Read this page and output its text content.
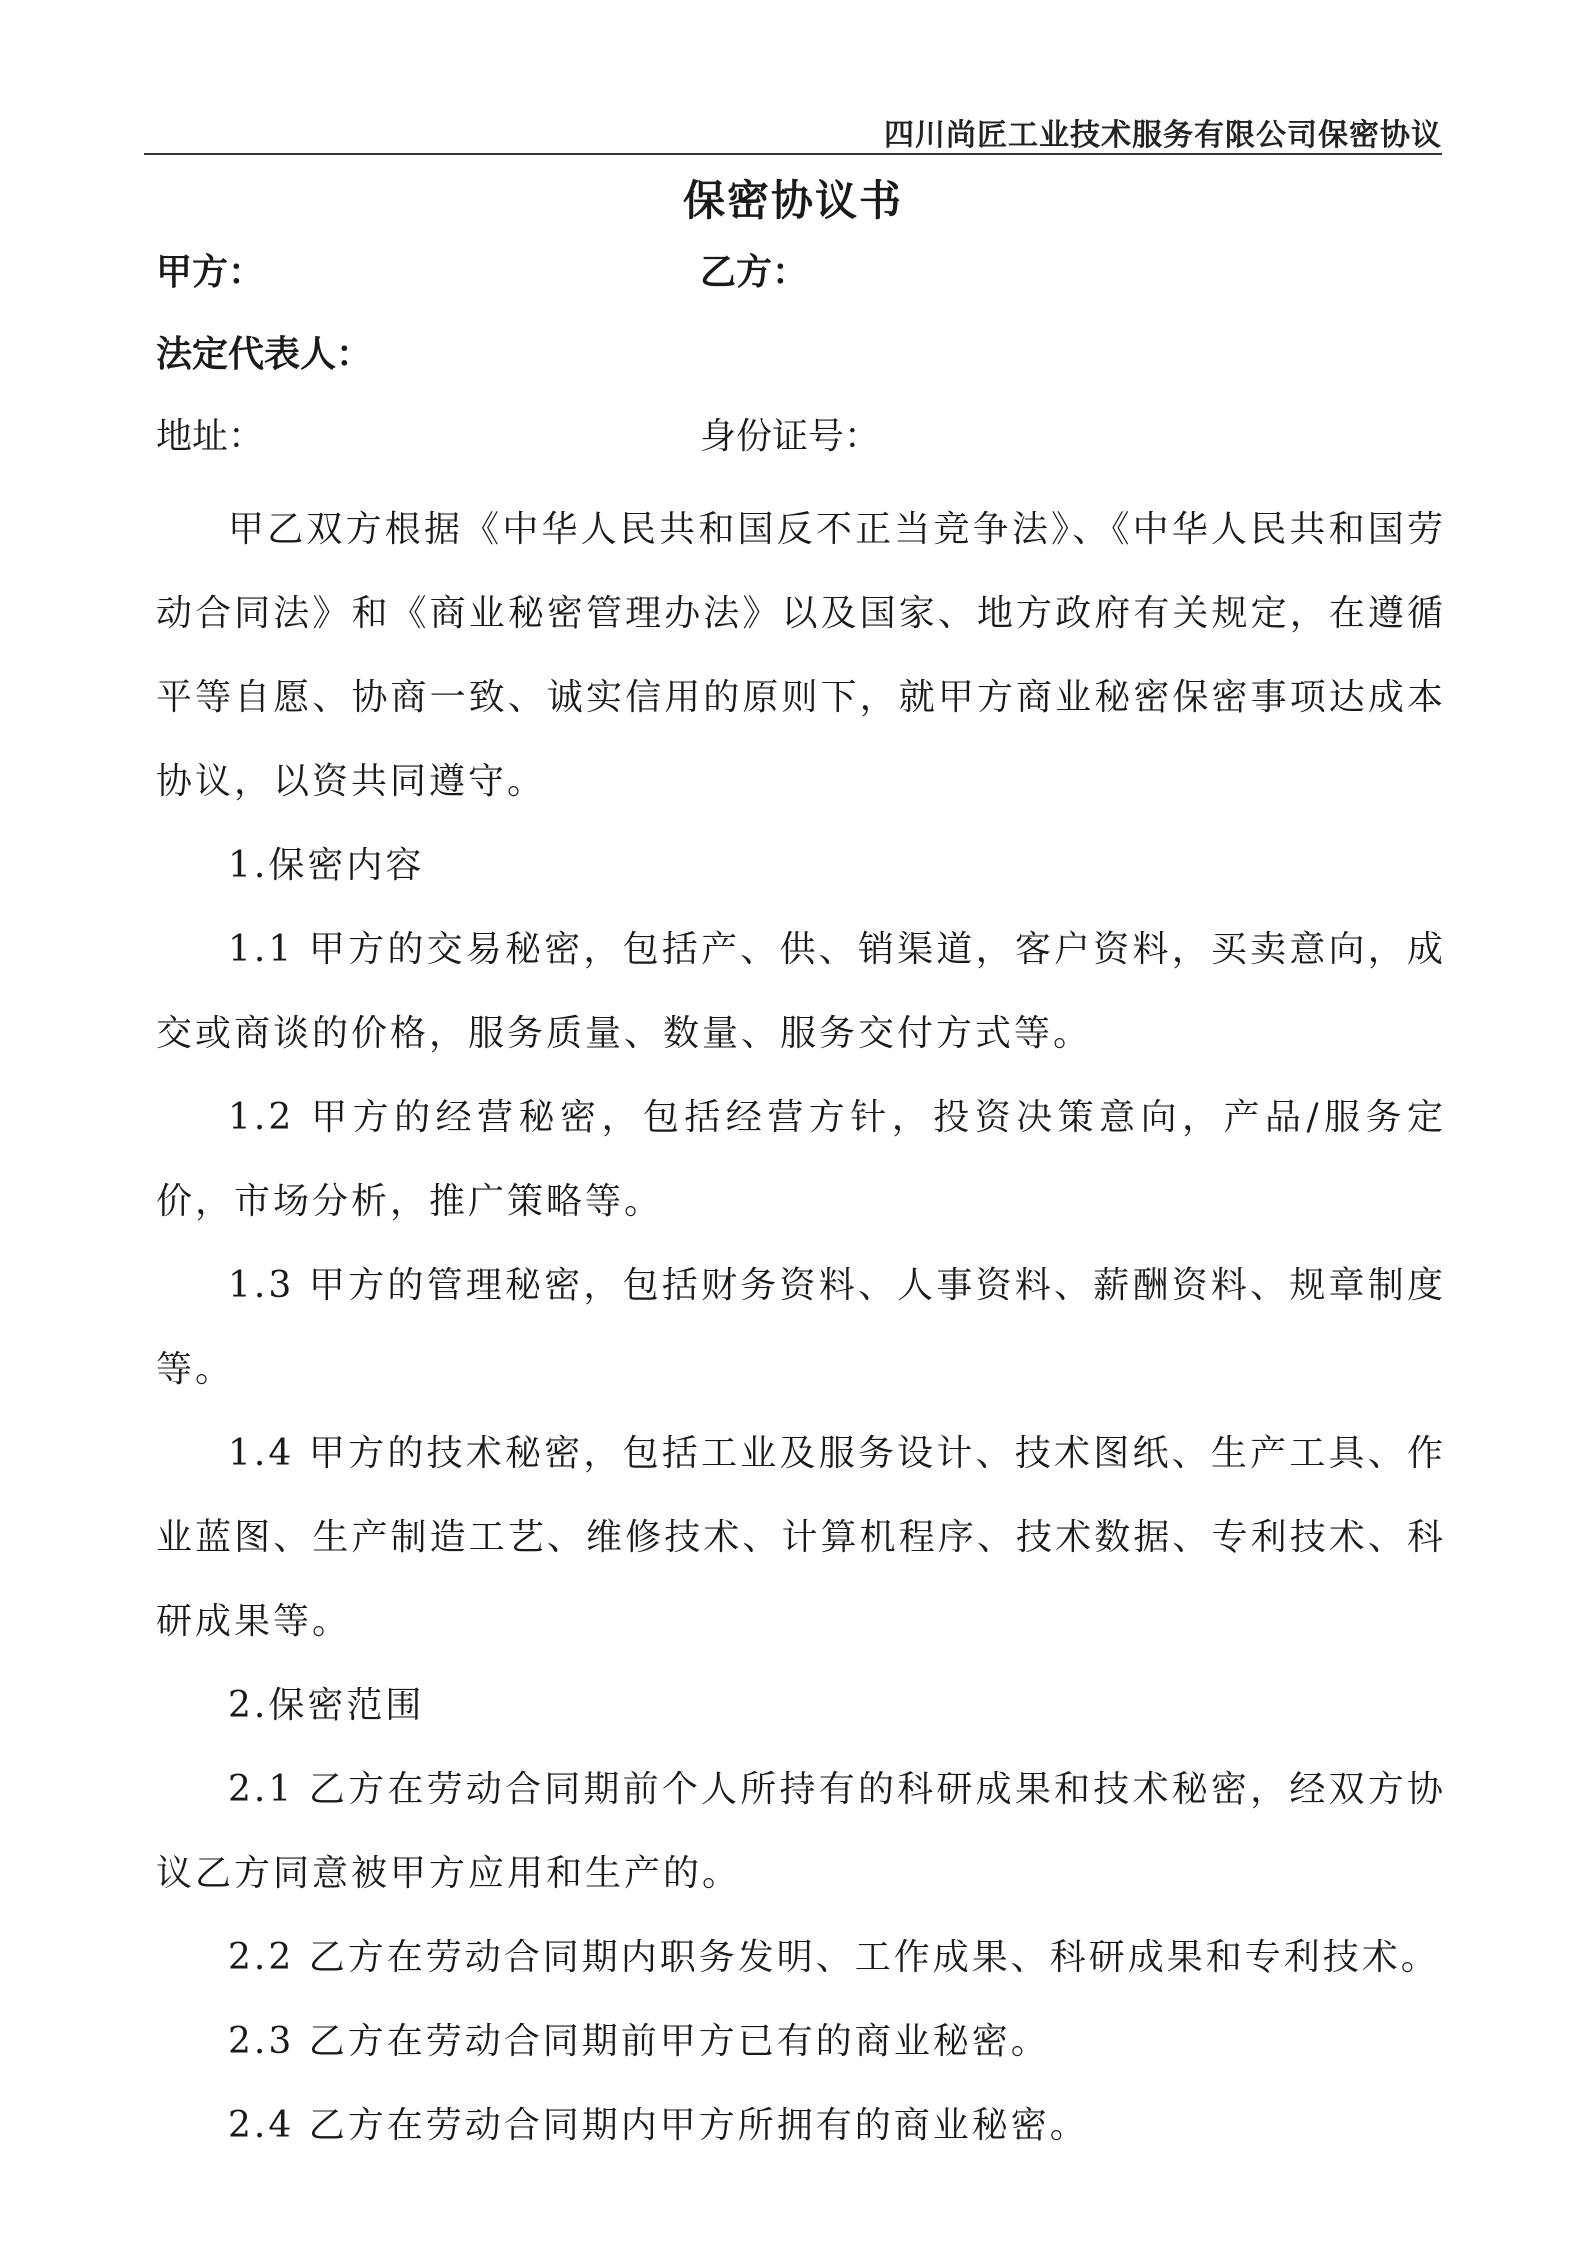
四川尚匠工业技术服务有限公司保密协议
保密协议书
甲方：	乙方：
法定代表人：
地址：	身份证号：

甲乙双方根据《中华人民共和国反不正当竞争法》、《中华人民共和国劳动合同法》和《商业秘密管理办法》以及国家、地方政府有关规定，在遵循平等自愿、协商一致、诚实信用的原则下，就甲方商业秘密保密事项达成本协议，以资共同遵守。

1.保密内容

1.1 甲方的交易秘密，包括产、供、销渠道，客户资料，买卖意向，成交或商谈的价格，服务质量、数量、服务交付方式等。

1.2 甲方的经营秘密，包括经营方针，投资决策意向，产品/服务定价，市场分析，推广策略等。

1.3 甲方的管理秘密，包括财务资料、人事资料、薪酬资料、规章制度等。

1.4 甲方的技术秘密，包括工业及服务设计、技术图纸、生产工具、作业蓝图、生产制造工艺、维修技术、计算机程序、技术数据、专利技术、科研成果等。

2.保密范围

2.1 乙方在劳动合同期前个人所持有的科研成果和技术秘密，经双方协议乙方同意被甲方应用和生产的。

2.2 乙方在劳动合同期内职务发明、工作成果、科研成果和专利技术。

2.3 乙方在劳动合同期前甲方已有的商业秘密。

2.4 乙方在劳动合同期内甲方所拥有的商业秘密。
